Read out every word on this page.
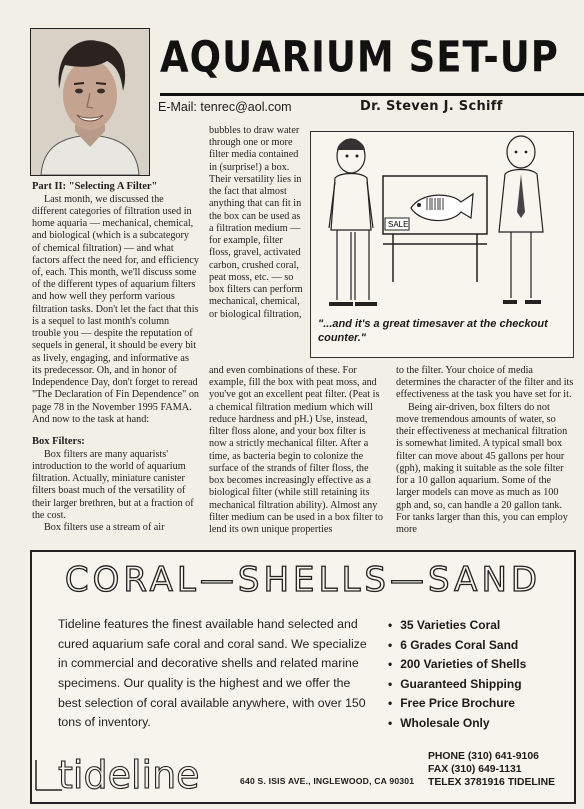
AQUARIUM SET-UP
E-Mail: tenrec@aol.com	Dr. Steven J. Schiff
Part II: "Selecting A Filter"

Last month, we discussed the different categories of filtration used in home aquaria — mechanical, chemical, and biological (which is a subcategory of chemical filtration) — and what factors affect the need for, and efficiency of, each. This month, we'll discuss some of the different types of aquarium filters and how well they perform various filtration tasks. Don't let the fact that this is a sequel to last month's column trouble you — despite the reputation of sequels in general, it should be every bit as lively, engaging, and informative as its predecessor. Oh, and in honor of Independence Day, don't forget to reread "The Declaration of Fin Dependence" on page 78 in the November 1995 FAMA. And now to the task at hand:

Box Filters:

Box filters are many aquarists' introduction to the world of aquarium filtration. Actually, miniature canister filters boast much of the versatility of their larger brethren, but at a fraction of the cost.

Box filters use a stream of air

bubbles to draw water through one or more filter media contained in (surprise!) a box. Their versatility lies in the fact that almost anything that can fit in the box can be used as a filtration medium — for example, filter floss, gravel, activated carbon, crushed coral, peat moss, etc. — so box filters can perform mechanical, chemical, or biological filtration,

SALE
"...and it's a great timesaver at the checkout counter."

and even combinations of these. For example, fill the box with peat moss, and you've got an excellent peat filter. (Peat is a chemical filtration medium which will reduce hardness and pH.) Use, instead, filter floss alone, and your box filter is now a strictly mechanical filter. After a time, as bacteria begin to colonize the surface of the strands of filter floss, the box becomes increasingly effective as a biological filter (while still retaining its mechanical filtration ability). Almost any filter medium can be used in a box filter to lend its own unique properties

to the filter. Your choice of media determines the character of the filter and its effectiveness at the task you have set for it.

Being air-driven, box filters do not move tremendous amounts of water, so their effectiveness at mechanical filtration is somewhat limited. A typical small box filter can move about 45 gallons per hour (gph), making it suitable as the sole filter for a 10 gallon aquarium. Some of the larger models can move as much as 100 gph and, so, can handle a 20 gallon tank. For tanks larger than this, you can employ more

CORAL—SHELLS—SAND
Tideline features the finest available hand selected and cured aquarium safe coral and coral sand. We specialize in commercial and decorative shells and related marine specimens. Our quality is the highest and we offer the best selection of coral available anywhere, with over 150 tons of inventory.
• 35 Varieties Coral
• 6 Grades Coral Sand
• 200 Varieties of Shells
• Guaranteed Shipping
• Free Price Brochure
• Wholesale Only
tideline	640 S. ISIS AVE., INGLEWOOD, CA 90301
PHONE (310) 641-9106
FAX (310) 649-1131
TELEX 3781916 TIDELINE
